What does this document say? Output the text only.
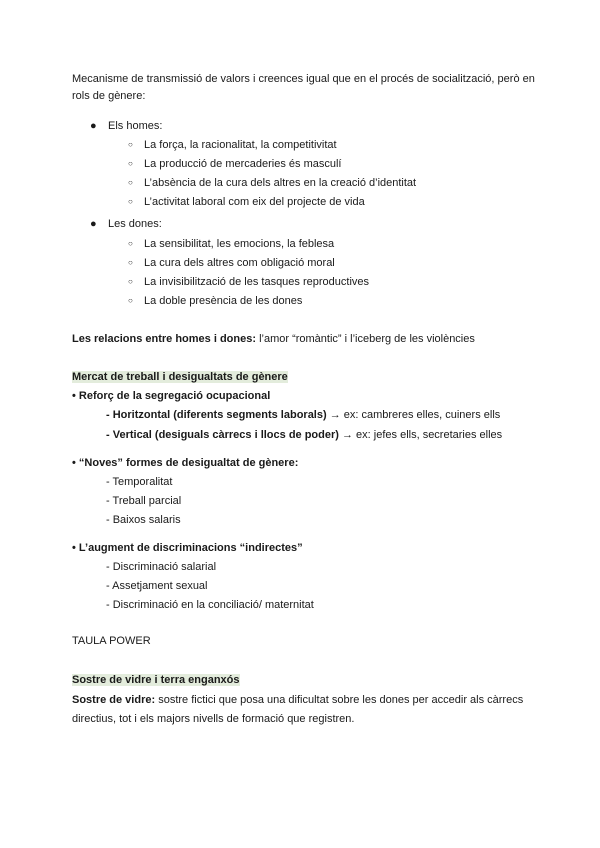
Mecanisme de transmissió de valors i creences igual que en el procés de socialització, però en rols de gènere:
● Els homes:
○ La força, la racionalitat, la competitivitat
○ La producció de mercaderies és masculí
○ L’absència de la cura dels altres en la creació d’identitat
○ L’activitat laboral com eix del projecte de vida
● Les dones:
○ La sensibilitat, les emocions, la feblesa
○ La cura dels altres com obligació moral
○ La invisibilització de les tasques reproductives
○ La doble presència de les dones
Les relacions entre homes i dones: l’amor “romàntic” i l’iceberg de les violències
Mercat de treball i desigualtats de gènere
• Reforç de la segregació ocupacional
- Horitzontal (diferents segments laborals) → ex: cambreres elles, cuiners ells
- Vertical (desiguals càrrecs i llocs de poder) → ex: jefes ells, secretaries elles
• “Noves” formes de desigualtat de gènere:
- Temporalitat
- Treball parcial
- Baixos salaris
• L’augment de discriminacions “indirectes”
- Discriminació salarial
- Assetjament sexual
- Discriminació en la conciliació/ maternitat
TAULA POWER
Sostre de vidre i terra enganxós
Sostre de vidre: sostre fictici que posa una dificultat sobre les dones per accedir als càrrecs directius, tot i els majors nivells de formació que registren.
